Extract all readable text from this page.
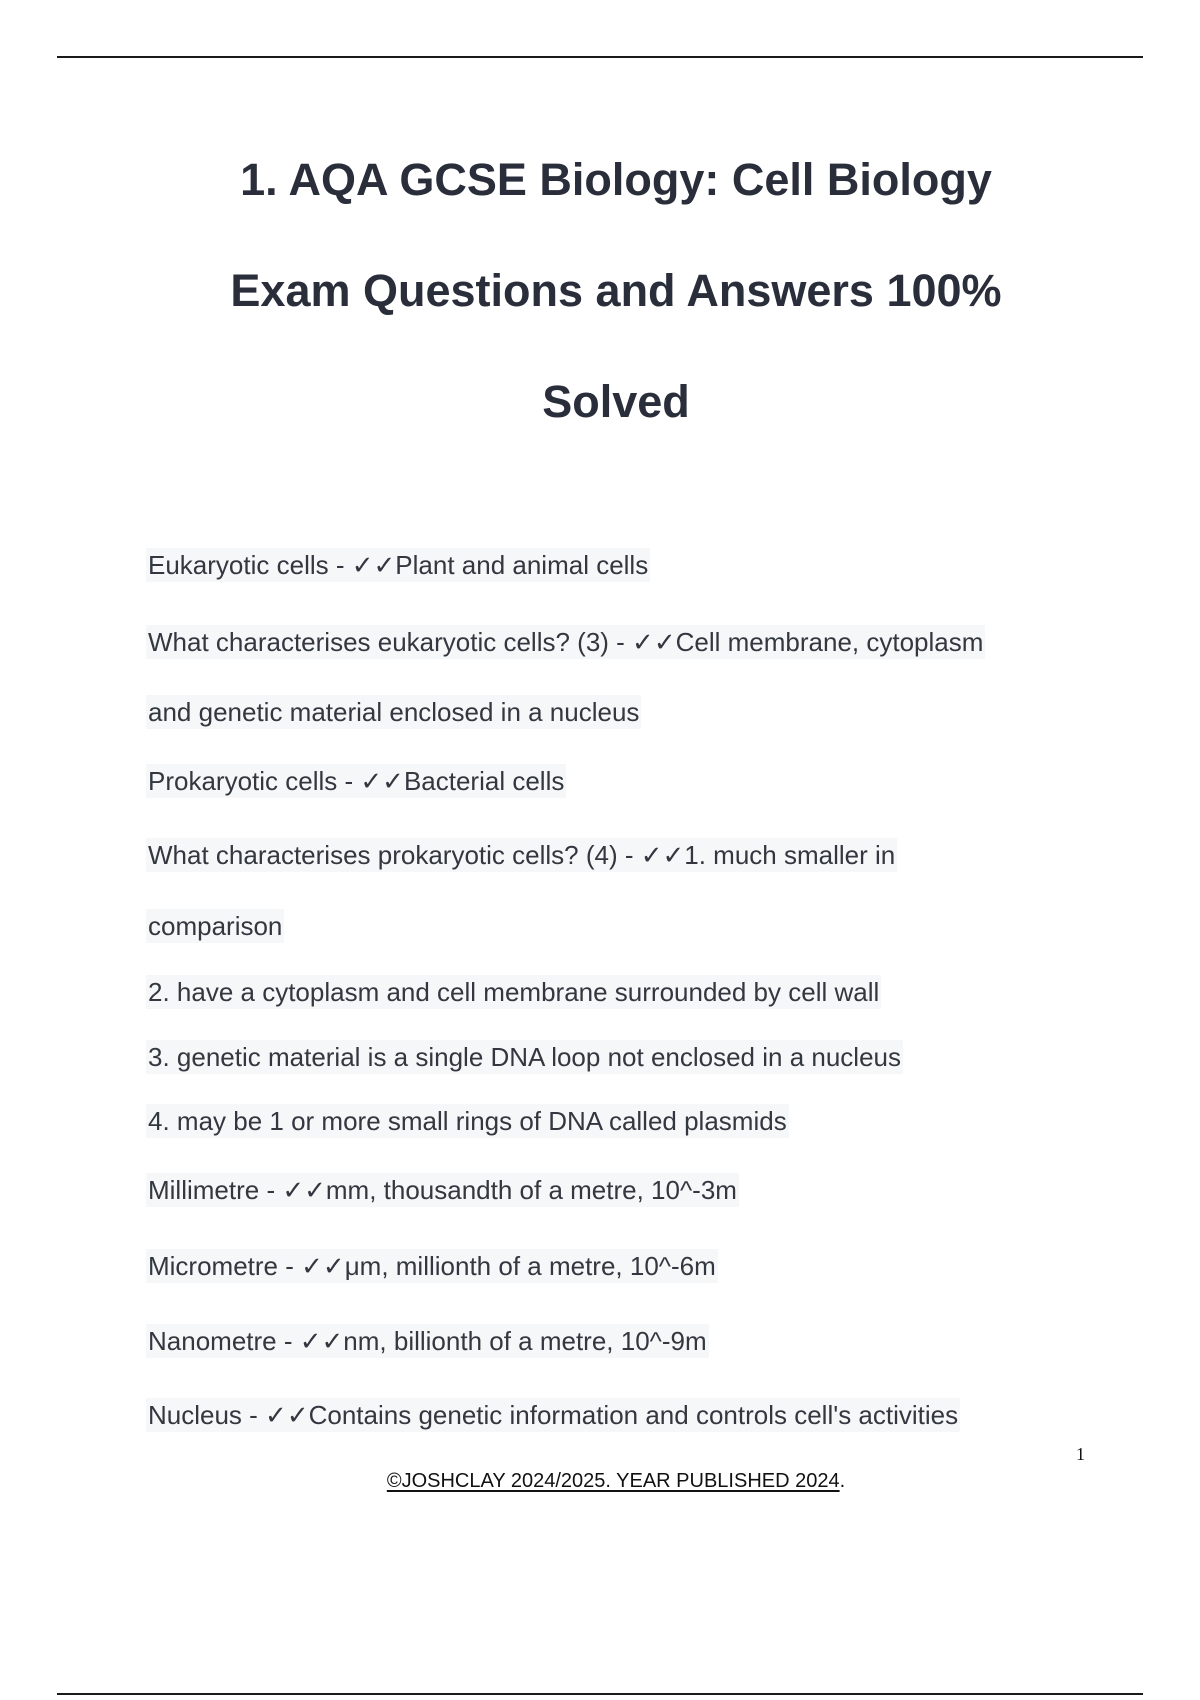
1. AQA GCSE Biology: Cell Biology
Exam Questions and Answers 100%
Solved
Eukaryotic cells - ✓✓Plant and animal cells
What characterises eukaryotic cells? (3) - ✓✓Cell membrane, cytoplasm
and genetic material enclosed in a nucleus
Prokaryotic cells - ✓✓Bacterial cells
What characterises prokaryotic cells? (4) - ✓✓1. much smaller in
comparison
2. have a cytoplasm and cell membrane surrounded by cell wall
3. genetic material is a single DNA loop not enclosed in a nucleus
4. may be 1 or more small rings of DNA called plasmids
Millimetre - ✓✓mm, thousandth of a metre, 10^-3m
Micrometre - ✓✓μm, millionth of a metre, 10^-6m
Nanometre - ✓✓nm, billionth of a metre, 10^-9m
Nucleus - ✓✓Contains genetic information and controls cell's activities
1
©JOSHCLAY 2024/2025. YEAR PUBLISHED 2024.
